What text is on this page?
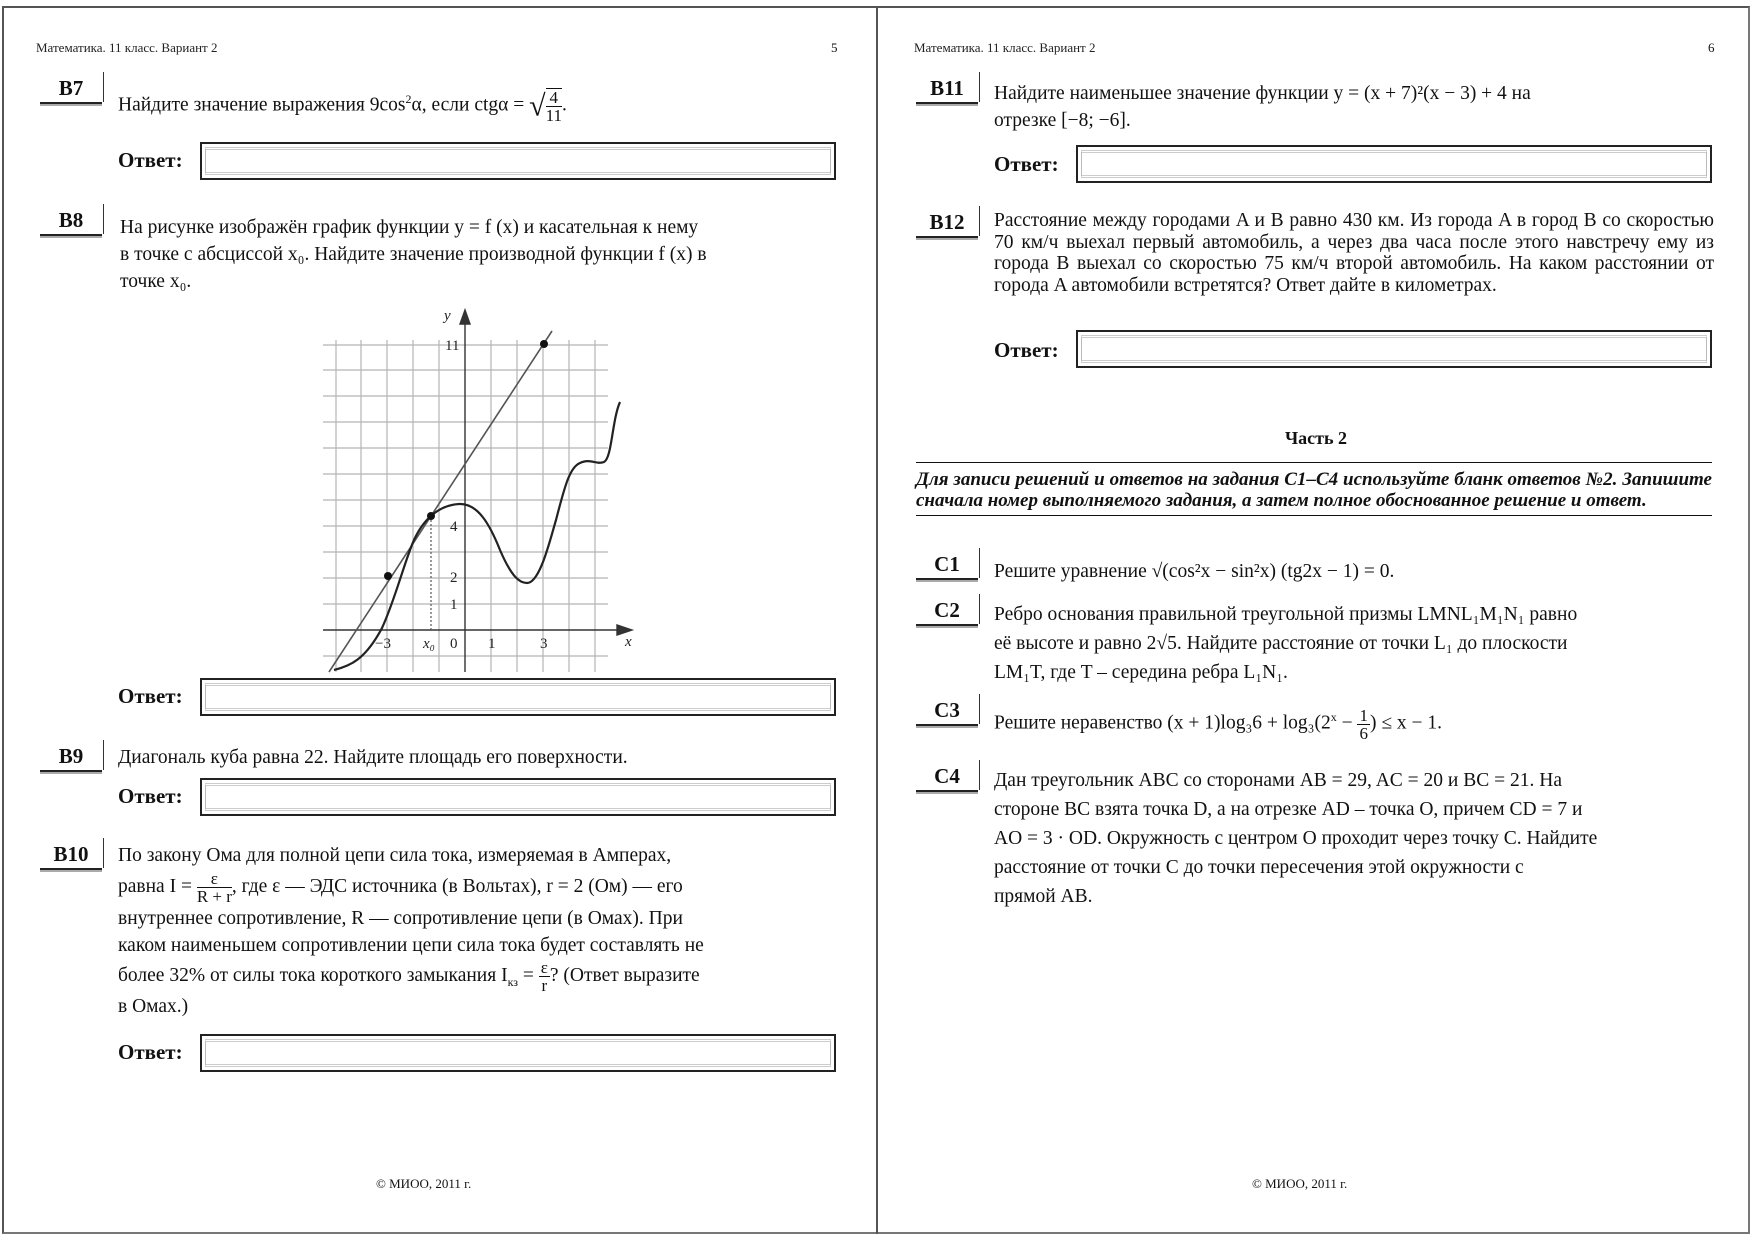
Математика. 11 класс. Вариант 2	5
B7
Найдите значение выражения $9\cos^2\alpha$, если ctgα = √ $\frac{4}{11}$ .
Ответ:
B8	На рисунке изображён график функции y = f (x) и касательная к нему
в точке с абсциссой x₀. Найдите значение производной функции f (x) в
точке x₀.
y
x
11
4
2
1
−3 x₀ 0 1	3
Ответ:
B9	Диагональ куба равна 22. Найдите площадь его поверхности.
Ответ:
B10	По закону Ома для полной цепи сила тока, измеряемая в Амперах,
равна $I = \frac{\varepsilon}{R + r}$ , где ε — ЭДС источника (в Вольтах), r = 2 (Ом) — его
внутреннее сопротивление, R — сопротивление цепи (в Омах). При
каком наименьшем сопротивлении цепи сила тока будет составлять не
более 32% от силы тока короткого замыкания $I_{кз} = \frac{\varepsilon}{r}$ ? (Ответ выразите
в Омах.)
Ответ:
© МИОО, 2011 г.
Математика. 11 класс. Вариант 2	6
B11	Найдите наименьшее значение функции y = (x + 7)²(x − 3) + 4 на
отрезке [−8; −6].
Ответ:
B12	Расстояние между городами A и B равно 430 км. Из города A в город B со скоростью 70 км/ч выехал первый автомобиль, а через два часа после этого навстречу ему из города B выехал со скоростью 75 км/ч второй автомобиль. На каком расстоянии от города A автомобили встретятся? Ответ дайте в километрах.
Ответ:
Часть 2
Для записи решений и ответов на задания С1–С4 используйте бланк ответов №2. Запишите сначала номер выполняемого задания, а затем полное обоснованное решение и ответ.
C1	Решите уравнение √(cos²x − sin²x) (tg2x − 1) = 0.
C2	Ребро основания правильной треугольной призмы LMNL₁M₁N₁ равно
её высоте и равно 2√5. Найдите расстояние от точки L₁ до плоскости
LM₁T, где T – середина ребра L₁N₁.
C3
Решите неравенство $(x + 1)\log_36 + \log_3(2^x - \frac{1}{6}$ ) ≤ x − 1.
C4	Дан треугольник ABC со сторонами AB = 29, AC = 20 и BC = 21. На
стороне BC взята точка D, а на отрезке AD – точка O, причем CD = 7 и
AO = 3 · OD. Окружность с центром O проходит через точку C. Найдите
расстояние от точки C до точки пересечения этой окружности с
прямой AB.
© МИОО, 2011 г.
